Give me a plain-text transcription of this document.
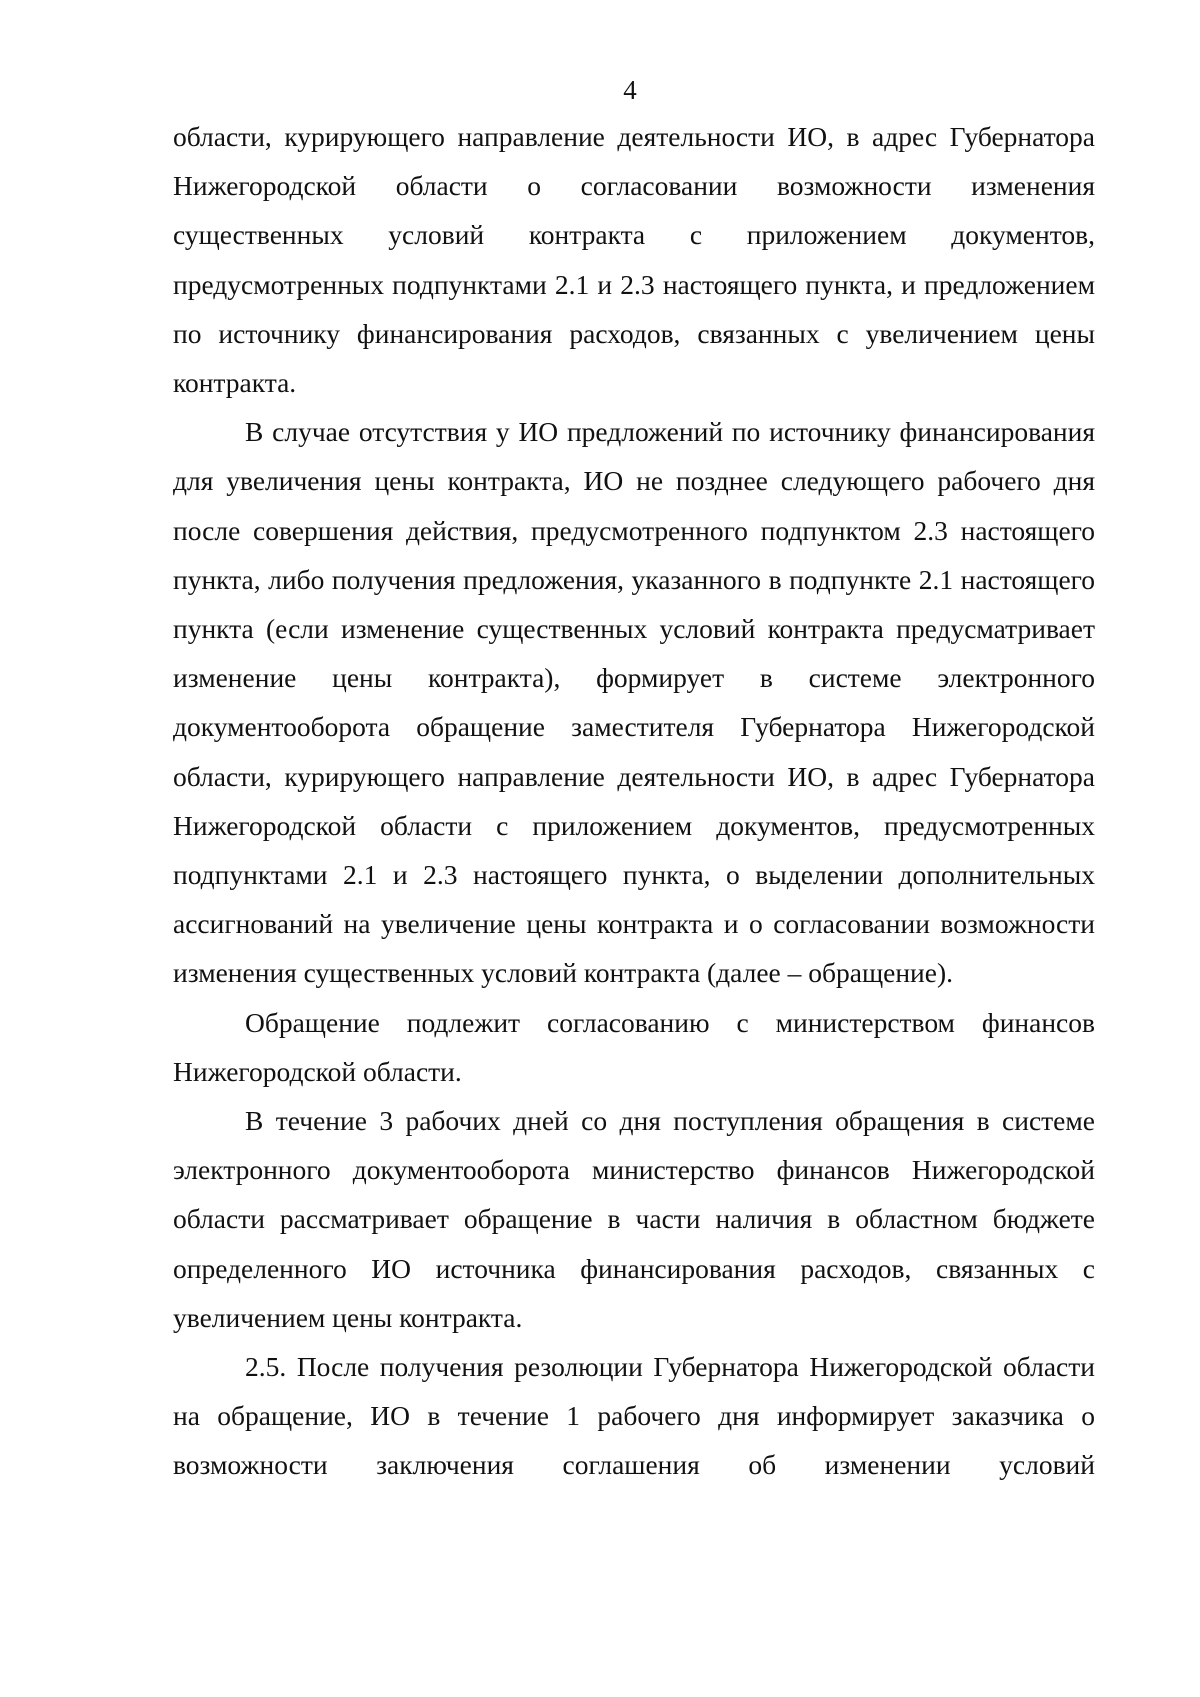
4

области, курирующего направление деятельности ИО, в адрес Губернатора Нижегородской области о согласовании возможности изменения существенных условий контракта с приложением документов, предусмотренных подпунктами 2.1 и 2.3 настоящего пункта, и предложением по источнику финансирования расходов, связанных с увеличением цены контракта.

В случае отсутствия у ИО предложений по источнику финансирования для увеличения цены контракта, ИО не позднее следующего рабочего дня после совершения действия, предусмотренного подпунктом 2.3 настоящего пункта, либо получения предложения, указанного в подпункте 2.1 настоящего пункта (если изменение существенных условий контракта предусматривает изменение цены контракта), формирует в системе электронного документооборота обращение заместителя Губернатора Нижегородской области, курирующего направление деятельности ИО, в адрес Губернатора Нижегородской области с приложением документов, предусмотренных подпунктами 2.1 и 2.3 настоящего пункта, о выделении дополнительных ассигнований на увеличение цены контракта и о согласовании возможности изменения существенных условий контракта (далее – обращение).

Обращение подлежит согласованию с министерством финансов Нижегородской области.

В течение 3 рабочих дней со дня поступления обращения в системе электронного документооборота министерство финансов Нижегородской области рассматривает обращение в части наличия в областном бюджете определенного ИО источника финансирования расходов, связанных с увеличением цены контракта.

2.5. После получения резолюции Губернатора Нижегородской области на обращение, ИО в течение 1 рабочего дня информирует заказчика о возможности заключения соглашения об изменении условий
